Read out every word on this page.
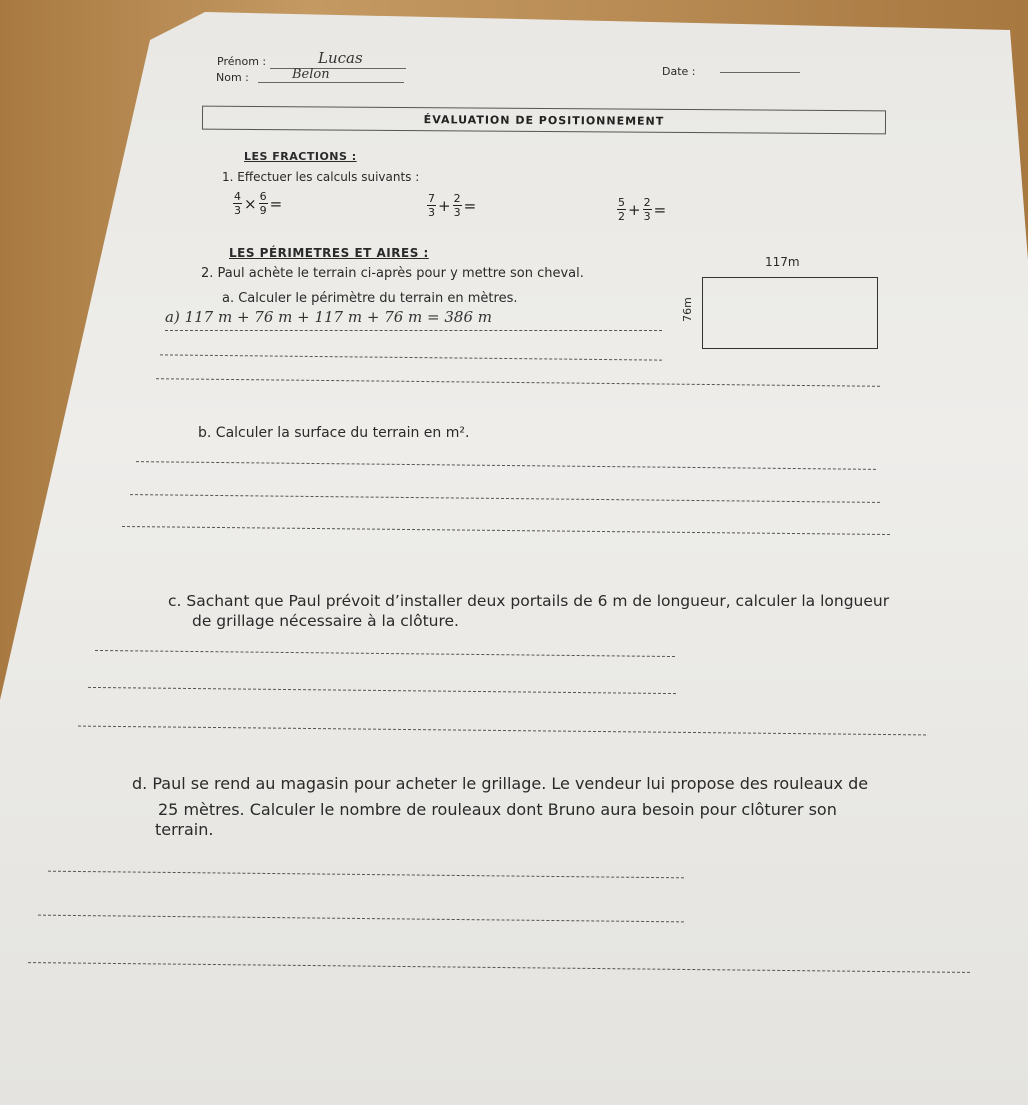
Prénom :	Lucas
Nom :	Belon	Date :
ÉVALUATION DE POSITIONNEMENT
LES FRACTIONS :
1. Effectuer les calculs suivants :
$\frac{4}{3} \times \frac{6}{9}$ =	$\frac{7}{3} + \frac{2}{3}$ =	$\frac{5}{2} + \frac{2}{3}$ =
LES PÉRIMETRES ET AIRES :
2. Paul achète le terrain ci-après pour y mettre son cheval.
a. Calculer le périmètre du terrain en mètres.
a) 117 m + 76 m + 117 m + 76 m = 386 m
117m
76m
b. Calculer la surface du terrain en m².
c. Sachant que Paul prévoit d’installer deux portails de 6 m de longueur, calculer la longueur
de grillage nécessaire à la clôture.
d. Paul se rend au magasin pour acheter le grillage. Le vendeur lui propose des rouleaux de
25 mètres. Calculer le nombre de rouleaux dont Bruno aura besoin pour clôturer son
terrain.
